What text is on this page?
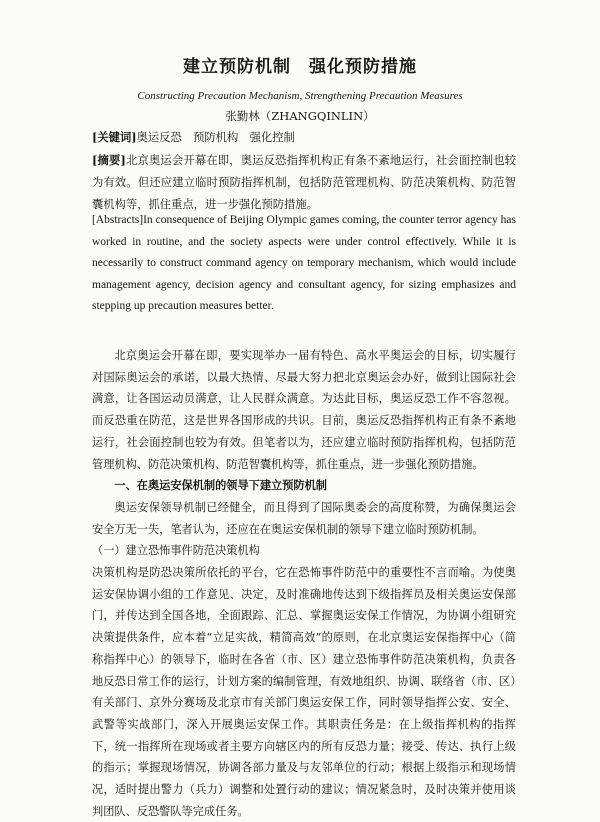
建立预防机制　强化预防措施
Constructing Precaution Mechanism, Strengthening Precaution Measures
张勤林（ZHANGQINLIN）
[关键词]奥运反恐　预防机构　强化控制
[摘要]北京奥运会开幕在即，奥运反恐指挥机构正有条不紊地运行，社会面控制也较为有效。但还应建立临时预防指挥机制，包括防范管理机构、防范决策机构、防范智囊机构等，抓住重点，进一步强化预防措施。
[Abstracts]In consequence of Beijing Olympic games coming, the counter terror agency has worked in routine, and the society aspects were under control effectively. While it is necessarily to construct command agency on temporary mechanism, which would include management agency, decision agency and consultant agency, for sizing emphasizes and stepping up precaution measures better.

北京奥运会开幕在即，要实现举办一届有特色、高水平奥运会的目标，切实履行对国际奥运会的承诺，以最大热情、尽最大努力把北京奥运会办好，做到让国际社会满意，让各国运动员满意，让人民群众满意。为达此目标，奥运反恐工作不容忽视。而反恐重在防范，这是世界各国形成的共识。目前，奥运反恐指挥机构正有条不紊地运行，社会面控制也较为有效。但笔者以为，还应建立临时预防指挥机构，包括防范管理机构、防范决策机构、防范智囊机构等，抓住重点，进一步强化预防措施。

一、在奥运安保机制的领导下建立预防机制

奥运安保领导机制已经健全，而且得到了国际奥委会的高度称赞，为确保奥运会安全万无一失，笔者认为，还应在在奥运安保机制的领导下建立临时预防机制。

（一）建立恐怖事件防范决策机构

决策机构是防恐决策所依托的平台，它在恐怖事件防范中的重要性不言而喻。为使奥运安保协调小组的工作意见、决定，及时准确地传达到下级指挥员及相关奥运安保部门，并传达到全国各地，全面跟踪、汇总、掌握奥运安保工作情况，为协调小组研究决策提供条件，应本着“立足实战，精简高效”的原则，在北京奥运安保指挥中心（简称指挥中心）的领导下，临时在各省（市、区）建立恐怖事件防范决策机构，负责各地反恐日常工作的运行，计划方案的编制管理，有效地组织、协调、联络省（市、区）有关部门、京外分赛场及北京市有关部门奥运安保工作，同时领导指挥公安、安全、武警等实战部门，深入开展奥运安保工作。其职责任务是：在上级指挥机构的指挥下，统一指挥所在现场或者主要方向辖区内的所有反恐力量；接受、传达、执行上级的指示；掌握现场情况，协调各部力量及与友邻单位的行动；根据上级指示和现场情况，适时提出警力（兵力）调整和处置行动的建议；情况紧急时，及时决策并使用谈判团队、反恐警队等完成任务。
